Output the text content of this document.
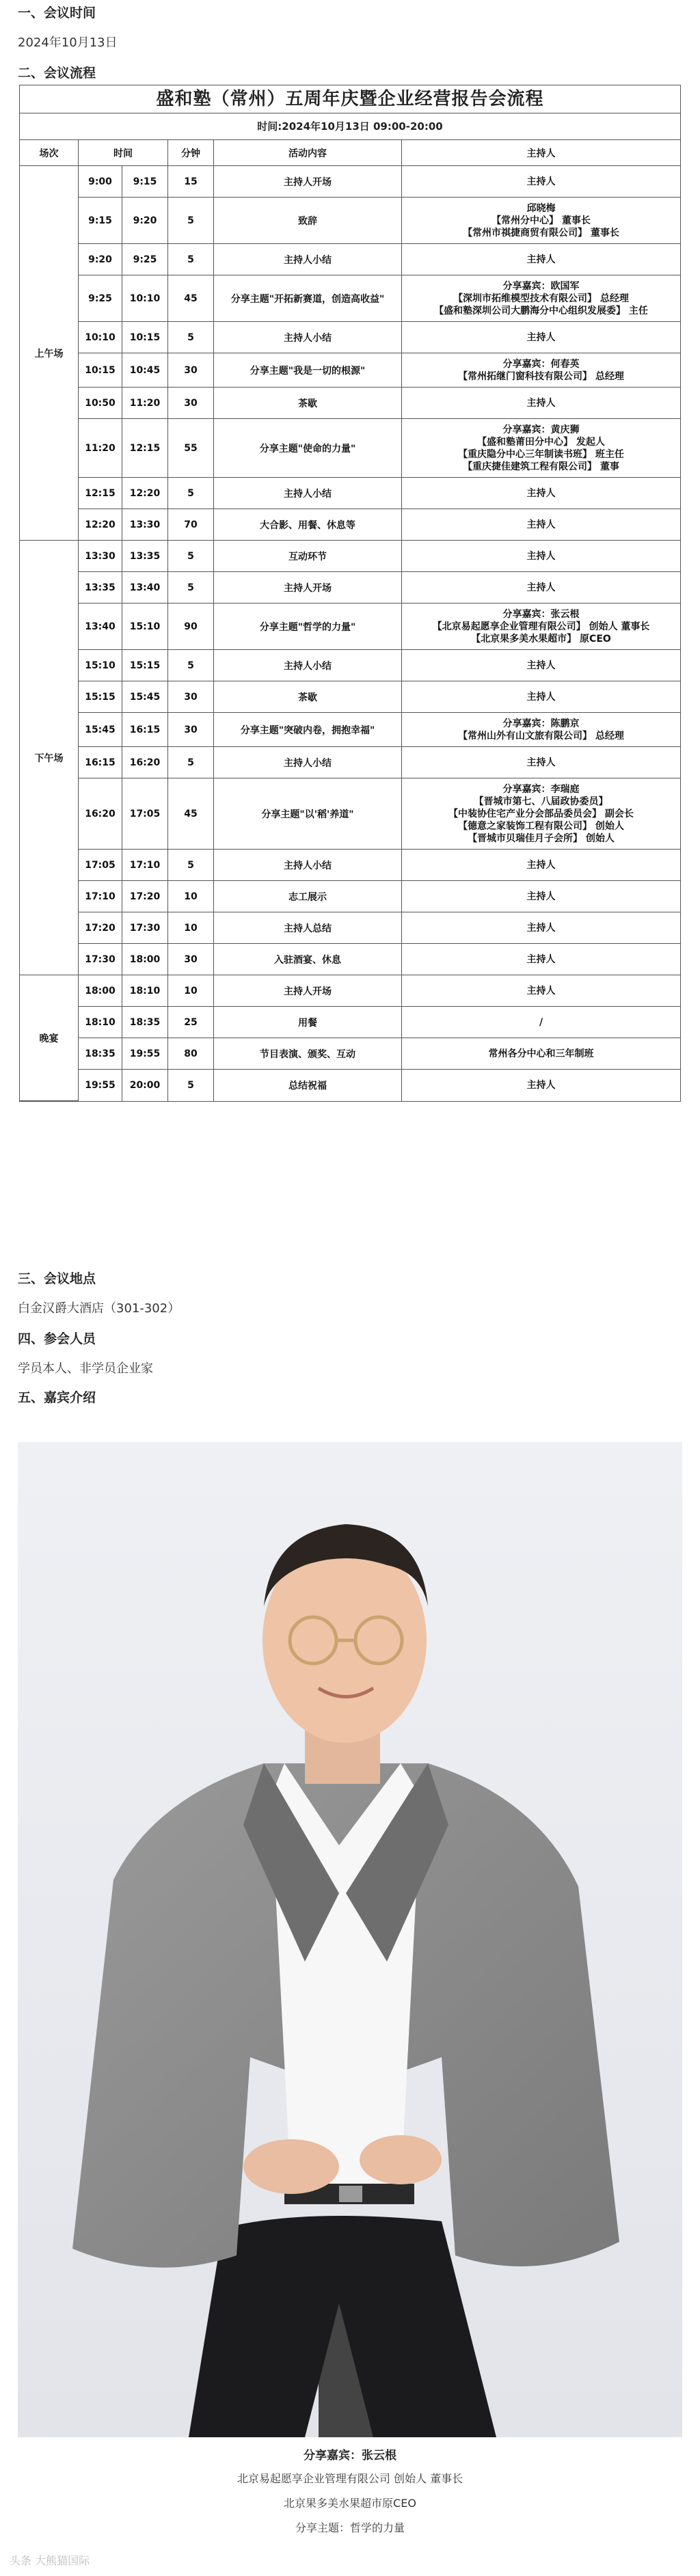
一、会议时间
2024年10月13日
二、会议流程
盛和塾（常州）五周年庆暨企业经营报告会流程
时间:2024年10月13日 09:00-20:00
场次	时间		分钟	活动内容	主持人
上午场	9:00	9:15	15	主持人开场	主持人

	9:15	9:20	5	致辞	邱晓梅
【常州分中心】 董事长
【常州市祺捷商贸有限公司】 董事长

	9:20	9:25	5	主持人小结	主持人

	9:25	10:10	45	分享主题"开拓新赛道，创造高收益"	分享嘉宾：欧国军
【深圳市拓维模型技术有限公司】 总经理
【盛和塾深圳公司大鹏海分中心组织发展委】 主任

	10:10	10:15	5	主持人小结	主持人

	10:15	10:45	30	分享主题"我是一切的根源"	分享嘉宾：何春英
【常州拓继门窗科技有限公司】 总经理

	10:50	11:20	30	茶歇	主持人

	11:20	12:15	55	分享主题"使命的力量"	分享嘉宾：黄庆狮
【盛和塾莆田分中心】 发起人
【重庆隐分中心三年制读书班】 班主任
【重庆捷佳建筑工程有限公司】 董事

	12:15	12:20	5	主持人小结	主持人

	12:20	13:30	70	大合影、用餐、休息等	主持人

下午场	13:30	13:35	5	互动环节	主持人

	13:35	13:40	5	主持人开场	主持人

	13:40	15:10	90	分享主题"哲学的力量"	分享嘉宾：张云根
【北京易起愿享企业管理有限公司】 创始人 董事长
【北京果多美水果超市】 原CEO

	15:10	15:15	5	主持人小结	主持人

	15:15	15:45	30	茶歇	主持人

	15:45	16:15	30	分享主题"突破内卷，拥抱幸福"	分享嘉宾：陈鹏京
【常州山外有山文旅有限公司】 总经理

	16:15	16:20	5	主持人小结	主持人

	16:20	17:05	45	分享主题"以'稻'养道"	分享嘉宾：李瑞庭
【晋城市第七、八届政协委员】
【中装协住宅产业分会部品委员会】 副会长
【德意之家装饰工程有限公司】 创始人
【晋城市贝瑞佳月子会所】 创始人

	17:05	17:10	5	主持人小结	主持人

	17:10	17:20	10	志工展示	主持人

	17:20	17:30	10	主持人总结	主持人

	17:30	18:00	30	入驻酒宴、休息	主持人

晚宴	18:00	18:10	10	主持人开场	主持人

	18:10	18:35	25	用餐	/

	18:35	19:55	80	节目表演、颁奖、互动	常州各分中心和三年制班

	19:55	20:00	5	总结祝福	主持人
三、会议地点
白金汉爵大酒店（301-302）
四、参会人员
学员本人、非学员企业家
五、嘉宾介绍
分享嘉宾：张云根
北京易起愿享企业管理有限公司 创始人 董事长
北京果多美水果超市原CEO
分享主题：哲学的力量
头条 大熊猫国际
